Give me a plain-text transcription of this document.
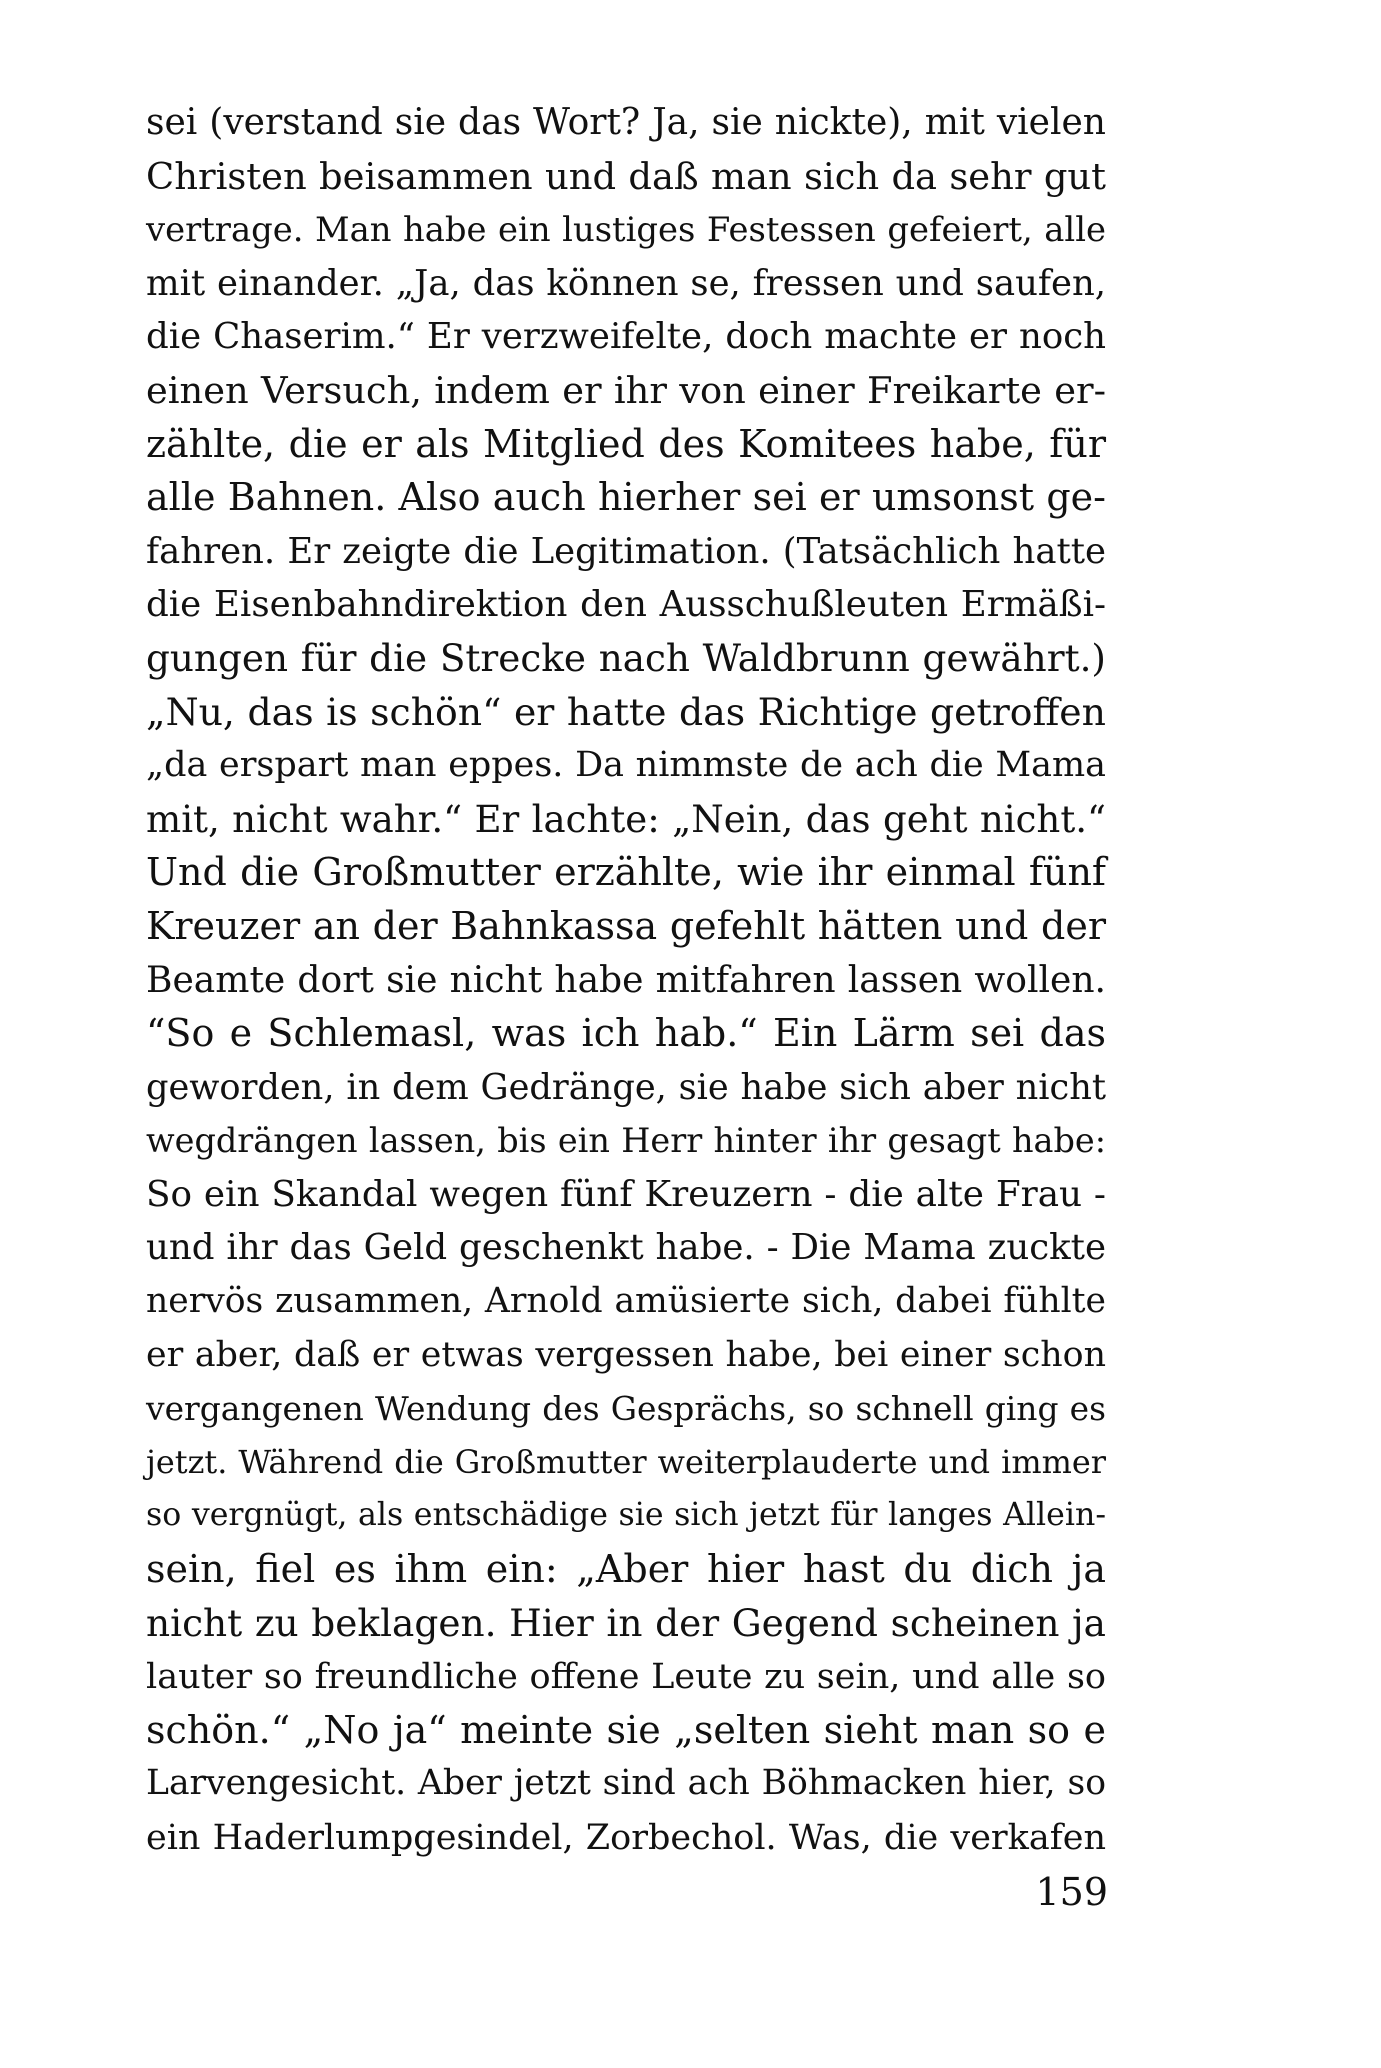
sei (verstand sie das Wort? Ja, sie nickte), mit vielen
Christen beisammen und daß man sich da sehr gut
vertrage. Man habe ein lustiges Festessen gefeiert, alle
mit einander. „Ja, das können se, fressen und saufen,
die Chaserim.“ Er verzweifelte, doch machte er noch
einen Versuch, indem er ihr von einer Freikarte er-
zählte, die er als Mitglied des Komitees habe, für
alle Bahnen. Also auch hierher sei er umsonst ge-
fahren. Er zeigte die Legitimation. (Tatsächlich hatte
die Eisenbahndirektion den Ausschußleuten Ermäßi-
gungen für die Strecke nach Waldbrunn gewährt.)
„Nu, das is schön“ er hatte das Richtige getroffen
„da erspart man eppes. Da nimmste de ach die Mama
mit, nicht wahr.“ Er lachte: „Nein, das geht nicht.“
Und die Großmutter erzählte, wie ihr einmal fünf
Kreuzer an der Bahnkassa gefehlt hätten und der
Beamte dort sie nicht habe mitfahren lassen wollen.
“So e Schlemasl, was ich hab.“ Ein Lärm sei das
geworden, in dem Gedränge, sie habe sich aber nicht
wegdrängen lassen, bis ein Herr hinter ihr gesagt habe:
So ein Skandal wegen fünf Kreuzern - die alte Frau -
und ihr das Geld geschenkt habe. - Die Mama zuckte
nervös zusammen, Arnold amüsierte sich, dabei fühlte
er aber, daß er etwas vergessen habe, bei einer schon
vergangenen Wendung des Gesprächs, so schnell ging es
jetzt. Während die Großmutter weiterplauderte und immer
so vergnügt, als entschädige sie sich jetzt für langes Allein-
sein, fiel es ihm ein: „Aber hier hast du dich ja
nicht zu beklagen. Hier in der Gegend scheinen ja
lauter so freundliche offene Leute zu sein, und alle so
schön.“ „No ja“ meinte sie „selten sieht man so e
Larvengesicht. Aber jetzt sind ach Böhmacken hier, so
ein Haderlumpgesindel, Zorbechol. Was, die verkafen
159
